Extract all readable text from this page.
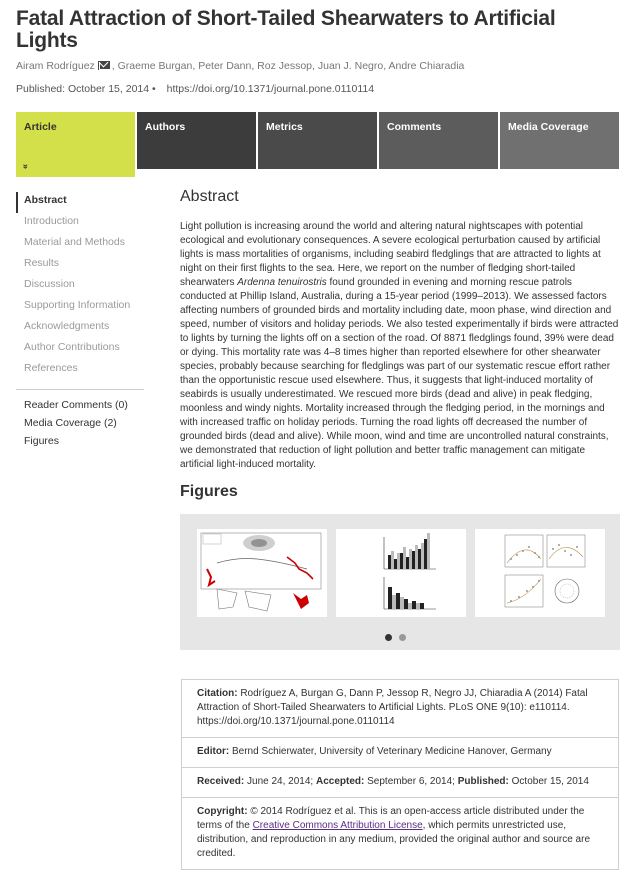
Fatal Attraction of Short-Tailed Shearwaters to Artificial Lights
Airam Rodríguez , Graeme Burgan, Peter Dann, Roz Jessop, Juan J. Negro, Andre Chiaradia
Published: October 15, 2014 • https://doi.org/10.1371/journal.pone.0110114
Article
»
Authors	Metrics	Comments	Media Coverage
Abstract
Introduction
Material and Methods
Results
Discussion
Supporting Information
Acknowledgments
Author Contributions
References
Reader Comments (0)
Media Coverage (2)
Figures
Abstract

Light pollution is increasing around the world and altering natural nightscapes with potential ecological and evolutionary consequences. A severe ecological perturbation caused by artificial lights is mass mortalities of organisms, including seabird fledglings that are attracted to lights at night on their first flights to the sea. Here, we report on the number of fledging short-tailed shearwaters Ardenna tenuirostris found grounded in evening and morning rescue patrols conducted at Phillip Island, Australia, during a 15-year period (1999–2013). We assessed factors affecting numbers of grounded birds and mortality including date, moon phase, wind direction and speed, number of visitors and holiday periods. We also tested experimentally if birds were attracted to lights by turning the lights off on a section of the road. Of 8871 fledglings found, 39% were dead or dying. This mortality rate was 4–8 times higher than reported elsewhere for other shearwater species, probably because searching for fledglings was part of our systematic rescue effort rather than the opportunistic rescue used elsewhere. Thus, it suggests that light-induced mortality of seabirds is usually underestimated. We rescued more birds (dead and alive) in peak fledging, moonless and windy nights. Mortality increased through the fledging period, in the mornings and with increased traffic on holiday periods. Turning the road lights off decreased the number of grounded birds (dead and alive). While moon, wind and time are uncontrolled natural constraints, we demonstrated that reduction of light pollution and better traffic management can mitigate artificial light-induced mortality.

Figures
Citation: Rodríguez A, Burgan G, Dann P, Jessop R, Negro JJ, Chiaradia A (2014) Fatal Attraction of Short-Tailed Shearwaters to Artificial Lights. PLoS ONE 9(10): e110114. https://doi.org/10.1371/journal.pone.0110114
Editor: Bernd Schierwater, University of Veterinary Medicine Hanover, Germany
Received: June 24, 2014; Accepted: September 6, 2014; Published: October 15, 2014
Copyright: © 2014 Rodríguez et al. This is an open-access article distributed under the terms of the Creative Commons Attribution License, which permits unrestricted use, distribution, and reproduction in any medium, provided the original author and source are credited.
